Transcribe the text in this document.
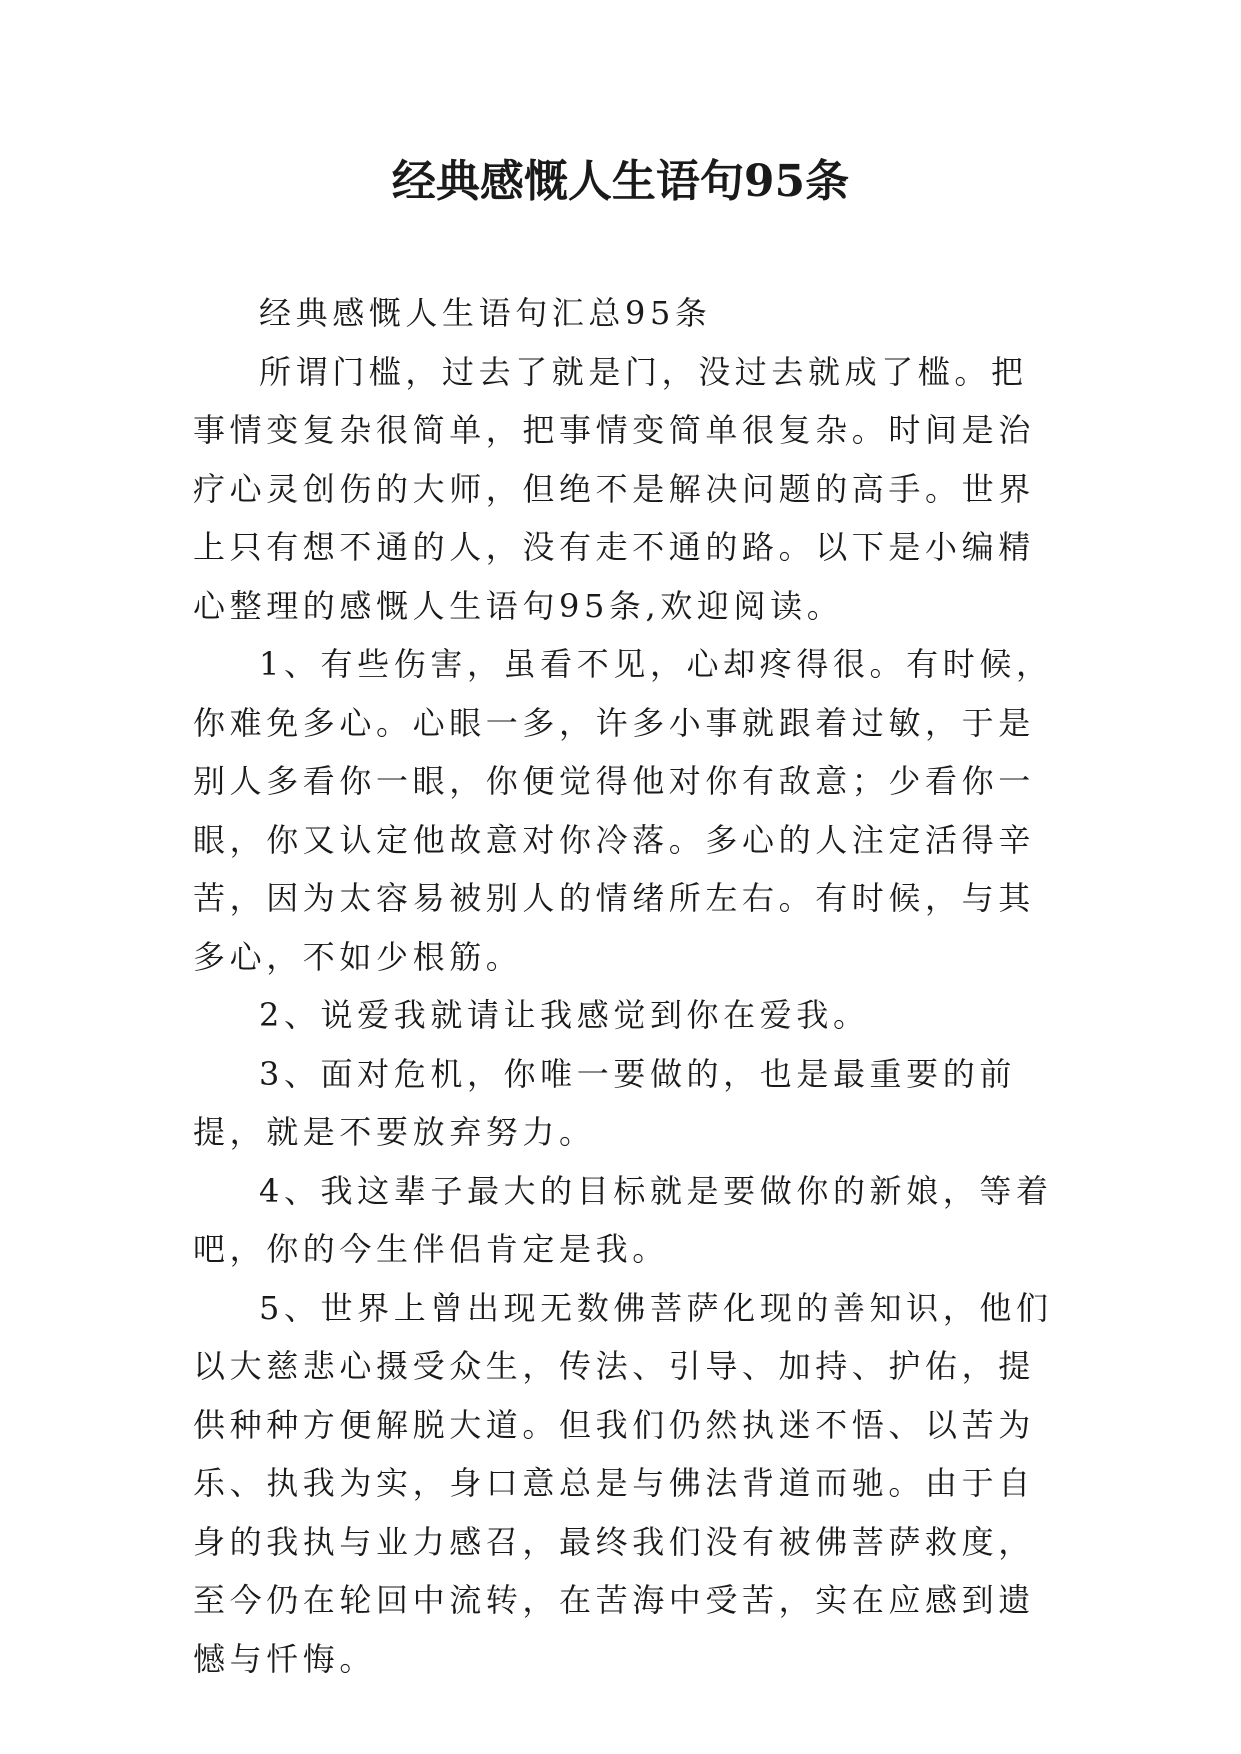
经典感慨人生语句95条

经典感慨人生语句汇总95条

所谓门槛，过去了就是门，没过去就成了槛。把事情变复杂很简单，把事情变简单很复杂。时间是治疗心灵创伤的大师，但绝不是解决问题的高手。世界上只有想不通的人，没有走不通的路。以下是小编精心整理的感慨人生语句95条,欢迎阅读。

1、有些伤害，虽看不见，心却疼得很。有时候，你难免多心。心眼一多，许多小事就跟着过敏，于是别人多看你一眼，你便觉得他对你有敌意；少看你一眼，你又认定他故意对你冷落。多心的人注定活得辛苦，因为太容易被别人的情绪所左右。有时候，与其多心，不如少根筋。

2、说爱我就请让我感觉到你在爱我。

3、面对危机，你唯一要做的，也是最重要的前提，就是不要放弃努力。

4、我这辈子最大的目标就是要做你的新娘，等着吧，你的今生伴侣肯定是我。

5、世界上曾出现无数佛菩萨化现的善知识，他们以大慈悲心摄受众生，传法、引导、加持、护佑，提供种种方便解脱大道。但我们仍然执迷不悟、以苦为乐、执我为实，身口意总是与佛法背道而驰。由于自身的我执与业力感召，最终我们没有被佛菩萨救度，至今仍在轮回中流转，在苦海中受苦，实在应感到遗憾与忏悔。
